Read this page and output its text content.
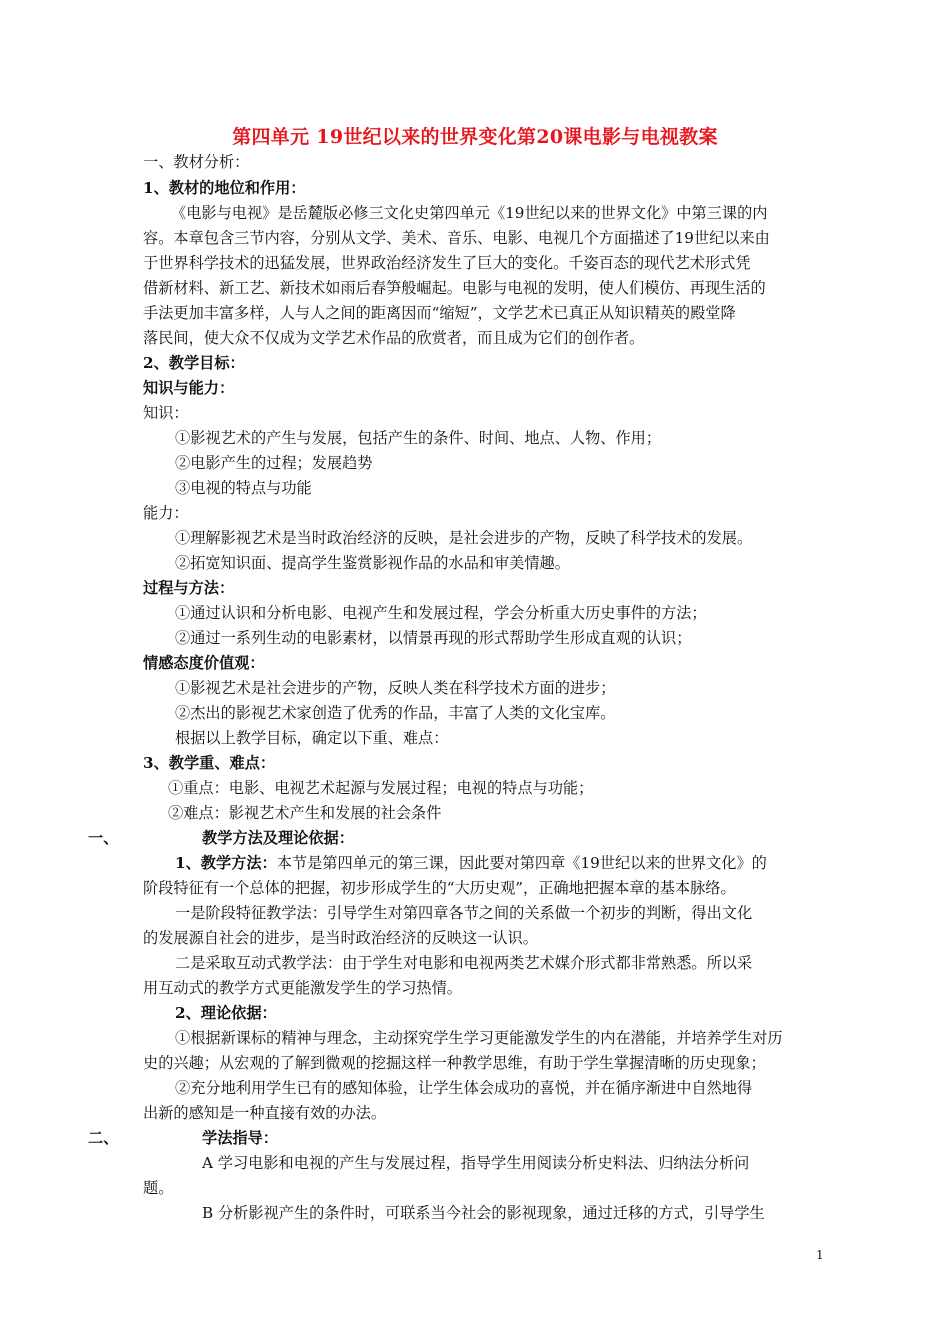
第四单元 19世纪以来的世界变化第20课电影与电视教案
一、教材分析：
1、教材的地位和作用：
《电影与电视》是岳麓版必修三文化史第四单元《19世纪以来的世界文化》中第三课的内
容。本章包含三节内容，分别从文学、美术、音乐、电影、电视几个方面描述了19世纪以来由
于世界科学技术的迅猛发展，世界政治经济发生了巨大的变化。千姿百态的现代艺术形式凭
借新材料、新工艺、新技术如雨后春笋般崛起。电影与电视的发明，使人们模仿、再现生活的
手法更加丰富多样，人与人之间的距离因而“缩短”，文学艺术已真正从知识精英的殿堂降
落民间，使大众不仅成为文学艺术作品的欣赏者，而且成为它们的创作者。
2、教学目标：
知识与能力：
知识：
①影视艺术的产生与发展，包括产生的条件、时间、地点、人物、作用；
②电影产生的过程；发展趋势
③电视的特点与功能
能力：
①理解影视艺术是当时政治经济的反映，是社会进步的产物，反映了科学技术的发展。
②拓宽知识面、提高学生鉴赏影视作品的水品和审美情趣。
过程与方法：
①通过认识和分析电影、电视产生和发展过程，学会分析重大历史事件的方法；
②通过一系列生动的电影素材，以情景再现的形式帮助学生形成直观的认识；
情感态度价值观：
①影视艺术是社会进步的产物，反映人类在科学技术方面的进步；
②杰出的影视艺术家创造了优秀的作品，丰富了人类的文化宝库。
根据以上教学目标，确定以下重、难点：
3、教学重、难点：
①重点：电影、电视艺术起源与发展过程；电视的特点与功能；
②难点：影视艺术产生和发展的社会条件
一、	教学方法及理论依据：
1、教学方法：本节是第四单元的第三课，因此要对第四章《19世纪以来的世界文化》的
阶段特征有一个总体的把握，初步形成学生的“大历史观”，正确地把握本章的基本脉络。
一是阶段特征教学法：引导学生对第四章各节之间的关系做一个初步的判断，得出文化
的发展源自社会的进步，是当时政治经济的反映这一认识。
二是采取互动式教学法：由于学生对电影和电视两类艺术媒介形式都非常熟悉。所以采
用互动式的教学方式更能激发学生的学习热情。
2、理论依据：
①根据新课标的精神与理念，主动探究学生学习更能激发学生的内在潜能，并培养学生对历
史的兴趣；从宏观的了解到微观的挖掘这样一种教学思维，有助于学生掌握清晰的历史现象；
②充分地利用学生已有的感知体验，让学生体会成功的喜悦，并在循序渐进中自然地得
出新的感知是一种直接有效的办法。
二、	学法指导：
A 学习电影和电视的产生与发展过程，指导学生用阅读分析史料法、归纳法分析问
题。
B 分析影视产生的条件时，可联系当今社会的影视现象，通过迁移的方式，引导学生
1
